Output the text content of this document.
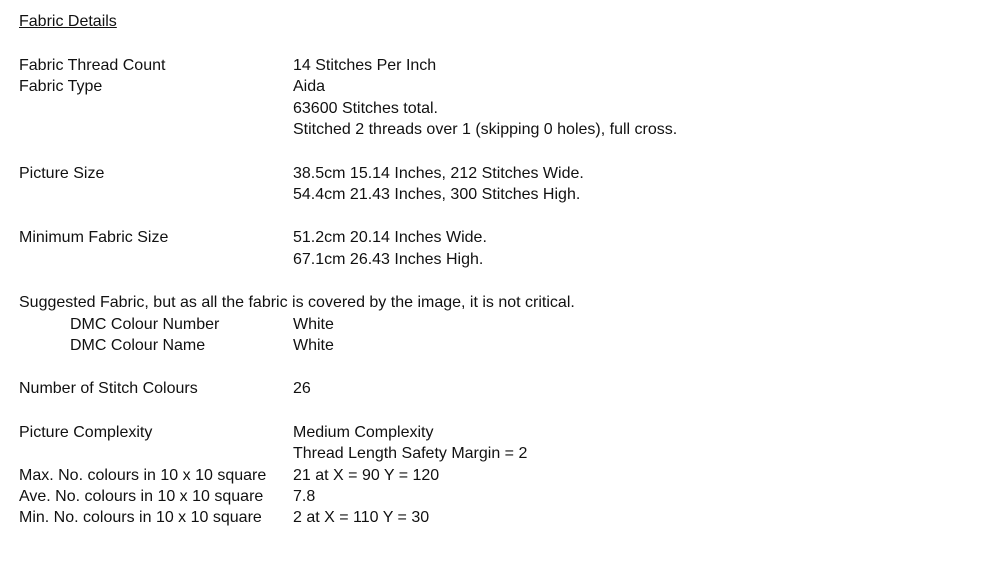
Fabric Details
Fabric Thread Count	14 Stitches Per Inch
Fabric Type	Aida
63600 Stitches total.
Stitched 2 threads over 1 (skipping 0 holes), full cross.
Picture Size	38.5cm 15.14 Inches, 212 Stitches Wide.
54.4cm 21.43 Inches, 300 Stitches High.
Minimum Fabric Size	51.2cm 20.14 Inches Wide.
67.1cm 26.43 Inches High.
Suggested Fabric, but as all the fabric is covered by the image, it is not critical.
DMC Colour Number	White
DMC Colour Name	White
Number of Stitch Colours	26
Picture Complexity	Medium Complexity
Thread Length Safety Margin = 2
Max. No. colours in 10 x 10 square 21 at X = 90 Y = 120
Ave. No. colours in 10 x 10 square 7.8
Min. No. colours in 10 x 10 square 2 at X = 110 Y = 30
